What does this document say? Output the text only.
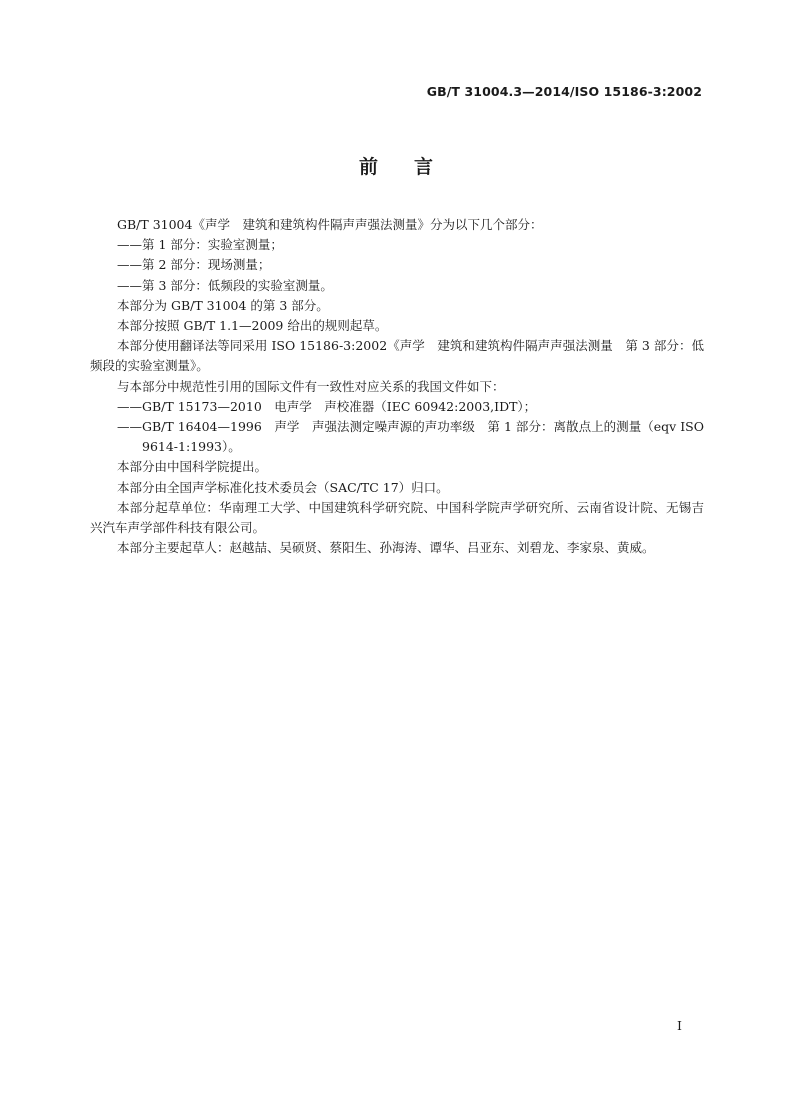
GB/T 31004.3—2014/ISO 15186-3:2002
前言

GB/T 31004《声学　建筑和建筑构件隔声声强法测量》分为以下几个部分：

——第 1 部分：实验室测量；

——第 2 部分：现场测量；

——第 3 部分：低频段的实验室测量。

本部分为 GB/T 31004 的第 3 部分。

本部分按照 GB/T 1.1—2009 给出的规则起草。

本部分使用翻译法等同采用 ISO 15186-3:2002《声学　建筑和建筑构件隔声声强法测量　第 3 部分：低频段的实验室测量》。

与本部分中规范性引用的国际文件有一致性对应关系的我国文件如下：

——GB/T 15173—2010　电声学　声校准器（IEC 60942:2003,IDT）；

——GB/T 16404—1996　声学　声强法测定噪声源的声功率级　第 1 部分：离散点上的测量（eqv ISO 9614-1:1993）。

本部分由中国科学院提出。

本部分由全国声学标准化技术委员会（SAC/TC 17）归口。

本部分起草单位：华南理工大学、中国建筑科学研究院、中国科学院声学研究所、云南省设计院、无锡吉兴汽车声学部件科技有限公司。

本部分主要起草人：赵越喆、吴硕贤、蔡阳生、孙海涛、谭华、吕亚东、刘碧龙、李家泉、黄威。

I
